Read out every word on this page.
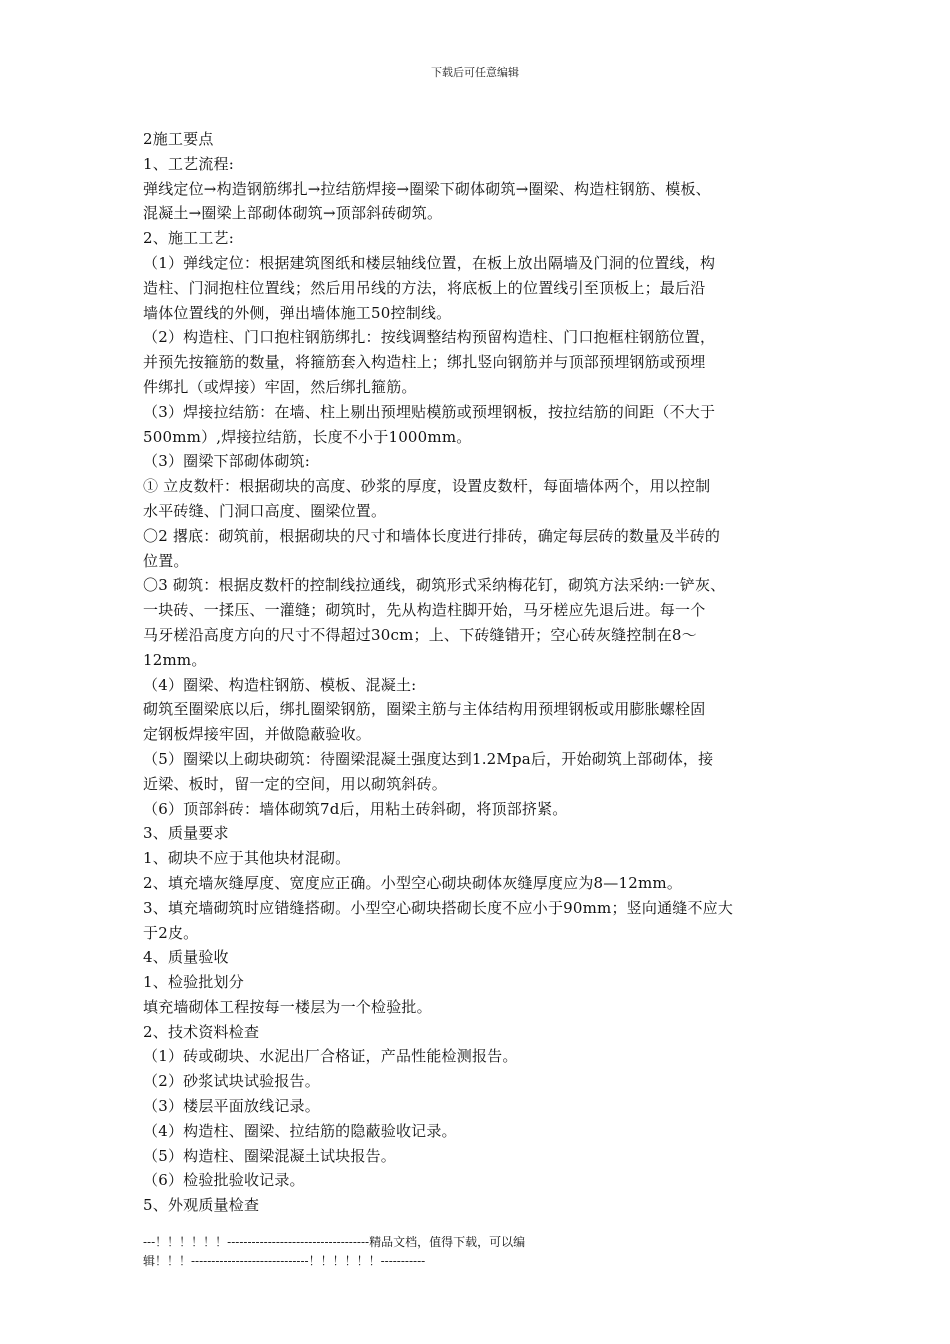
下载后可任意编辑
2施工要点
1、工艺流程:
弹线定位→构造钢筋绑扎→拉结筋焊接→圈梁下砌体砌筑→圈梁、构造柱钢筋、模板、
混凝土→圈梁上部砌体砌筑→顶部斜砖砌筑。
2、施工工艺:
（1）弹线定位：根据建筑图纸和楼层轴线位置，在板上放出隔墙及门洞的位置线，构
造柱、门洞抱柱位置线；然后用吊线的方法，将底板上的位置线引至顶板上；最后沿
墙体位置线的外侧，弹出墙体施工50控制线。
（2）构造柱、门口抱柱钢筋绑扎：按线调整结构预留构造柱、门口抱框柱钢筋位置，
并预先按箍筋的数量，将箍筋套入构造柱上；绑扎竖向钢筋并与顶部预埋钢筋或预埋
件绑扎（或焊接）牢固，然后绑扎箍筋。
（3）焊接拉结筋：在墙、柱上剔出预埋贴模筋或预埋钢板，按拉结筋的间距（不大于
500mm）,焊接拉结筋，长度不小于1000mm。
（3）圈梁下部砌体砌筑:
① 立皮数杆：根据砌块的高度、砂浆的厚度，设置皮数杆，每面墙体两个，用以控制
水平砖缝、门洞口高度、圈梁位置。
〇2 撂底：砌筑前，根据砌块的尺寸和墙体长度进行排砖，确定每层砖的数量及半砖的
位置。
〇3 砌筑：根据皮数杆的控制线拉通线，砌筑形式采纳梅花钉，砌筑方法采纳:一铲灰、
一块砖、一揉压、一灌缝；砌筑时，先从构造柱脚开始，马牙槎应先退后进。每一个
马牙槎沿高度方向的尺寸不得超过30cm；上、下砖缝错开；空心砖灰缝控制在8～
12mm。
（4）圈梁、构造柱钢筋、模板、混凝土:
砌筑至圈梁底以后，绑扎圈梁钢筋，圈梁主筋与主体结构用预埋钢板或用膨胀螺栓固
定钢板焊接牢固，并做隐蔽验收。
（5）圈梁以上砌块砌筑：待圈梁混凝土强度达到1.2Mpa后，开始砌筑上部砌体，接
近梁、板时，留一定的空间，用以砌筑斜砖。
（6）顶部斜砖：墙体砌筑7d后，用粘土砖斜砌，将顶部挤紧。
3、质量要求
1、砌块不应于其他块材混砌。
2、填充墙灰缝厚度、宽度应正确。小型空心砌块砌体灰缝厚度应为8—12mm。
3、填充墙砌筑时应错缝搭砌。小型空心砌块搭砌长度不应小于90mm；竖向通缝不应大
于2皮。
4、质量验收
1、检验批划分
填充墙砌体工程按每一楼层为一个检验批。
2、技术资料检查
（1）砖或砌块、水泥出厂合格证，产品性能检测报告。
（2）砂浆试块试验报告。
（3）楼层平面放线记录。
（4）构造柱、圈梁、拉结筋的隐蔽验收记录。
（5）构造柱、圈梁混凝土试块报告。
（6）检验批验收记录。
5、外观质量检查
---！！！！！！-----------------------------------精品文档，值得下载，可以编
辑！！！-----------------------------！！！！！！-----------
